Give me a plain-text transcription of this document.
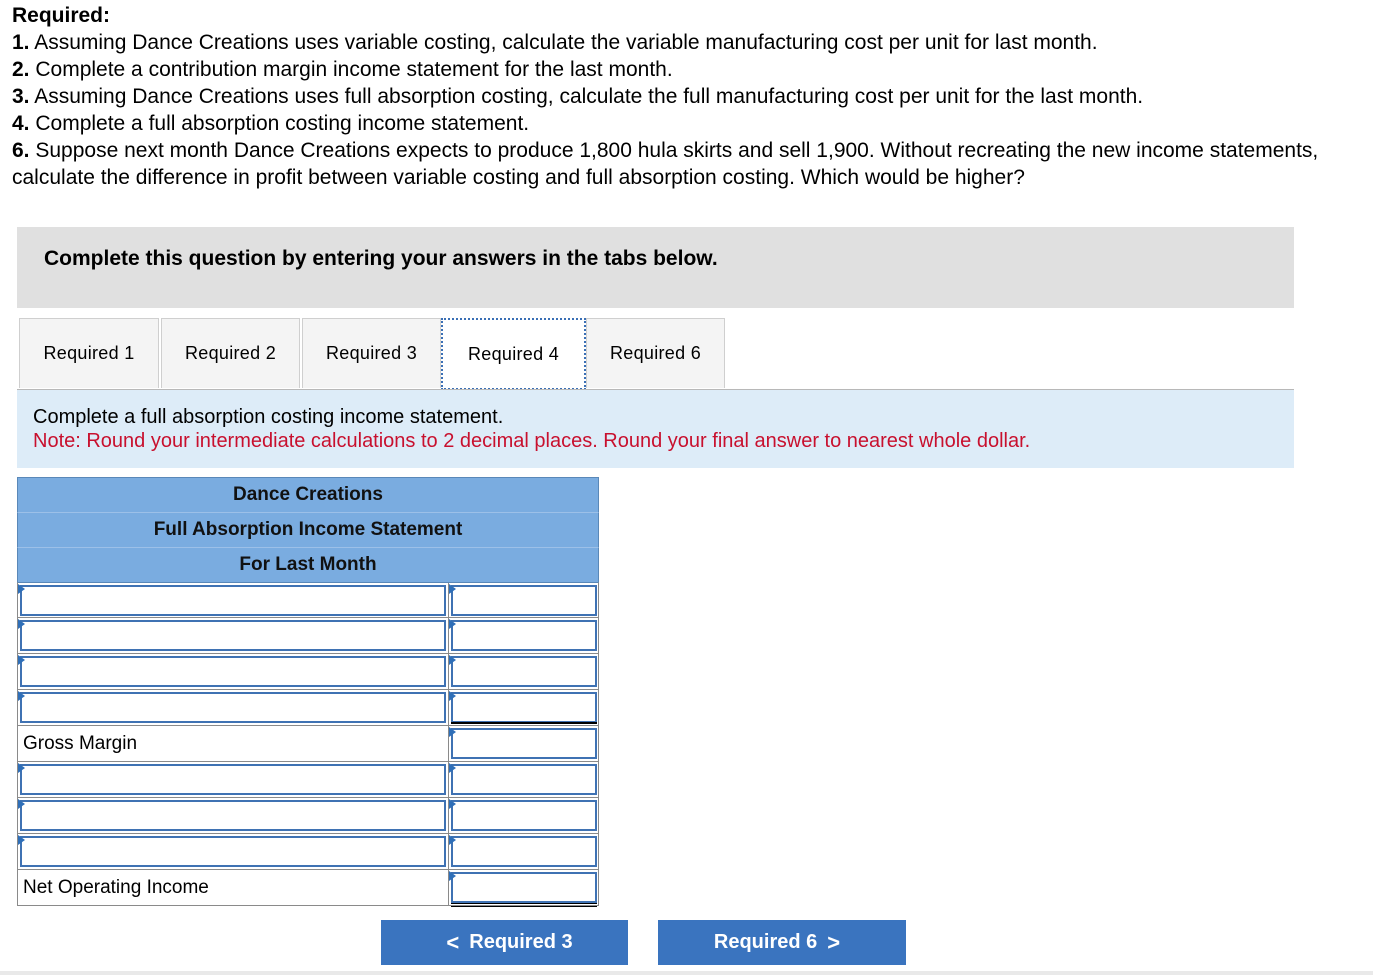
Required:
1. Assuming Dance Creations uses variable costing, calculate the variable manufacturing cost per unit for last month.
2. Complete a contribution margin income statement for the last month.
3. Assuming Dance Creations uses full absorption costing, calculate the full manufacturing cost per unit for the last month.
4. Complete a full absorption costing income statement.
6. Suppose next month Dance Creations expects to produce 1,800 hula skirts and sell 1,900. Without recreating the new income statements, calculate the difference in profit between variable costing and full absorption costing. Which would be higher?
Complete this question by entering your answers in the tabs below.
Required 1	Required 2	Required 3	Required 4	Required 6
Complete a full absorption costing income statement.
Note: Round your intermediate calculations to 2 decimal places. Round your final answer to nearest whole dollar.
Dance Creations
Full Absorption Income Statement
For Last Month
Gross Margin
Net Operating Income
< Required 3	Required 6 >
